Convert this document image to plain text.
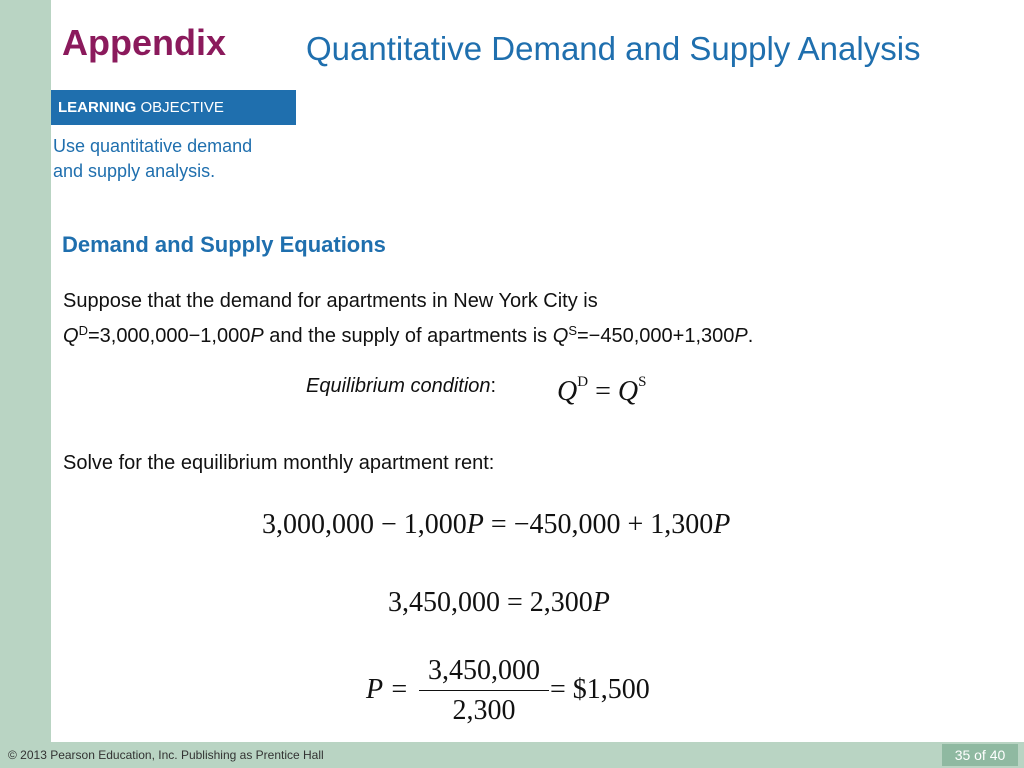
Appendix Quantitative Demand and Supply Analysis
LEARNING OBJECTIVE
Use quantitative demand and supply analysis.
Demand and Supply Equations
Suppose that the demand for apartments in New York City is
$Q^D=3,000,000-1,000P$ and the supply of apartments is $Q^S=-450,000+1,300P$.
Equilibrium condition: $Q^D = Q^S$
Solve for the equilibrium monthly apartment rent:
3,000,000 − 1,000P = −450,000 + 1,300P
3,450,000 = 2,300P
$P = \frac{3,450,000}{2,300}$ = $1,500
© 2013 Pearson Education, Inc. Publishing as Prentice Hall	35 of 40
